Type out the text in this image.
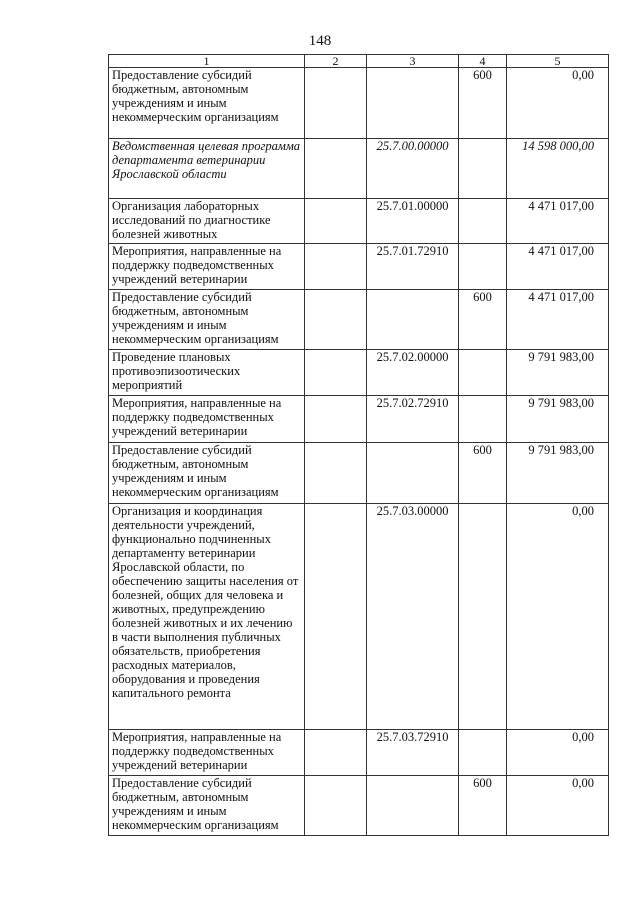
148
1	2	3	4	5
Предоставление субсидий бюджетным, автономным учреждениям и иным некоммерческим организациям			600	0,00
Ведомственная целевая программа департамента ветеринарии Ярославской области		25.7.00.00000		14 598 000,00
Организация лабораторных исследований по диагностике болезней животных		25.7.01.00000		4 471 017,00
Мероприятия, направленные на поддержку подведомственных учреждений ветеринарии		25.7.01.72910		4 471 017,00
Предоставление субсидий бюджетным, автономным учреждениям и иным некоммерческим организациям			600	4 471 017,00
Проведение плановых противоэпизоотических мероприятий		25.7.02.00000		9 791 983,00
Мероприятия, направленные на поддержку подведомственных учреждений ветеринарии		25.7.02.72910		9 791 983,00
Предоставление субсидий бюджетным, автономным учреждениям и иным некоммерческим организациям			600	9 791 983,00
Организация и координация деятельности учреждений, функционально подчиненных департаменту ветеринарии Ярославской области, по обеспечению защиты населения от болезней, общих для человека и животных, предупреждению болезней животных и их лечению в части выполнения публичных обязательств, приобретения расходных материалов, оборудования и проведения капитального ремонта		25.7.03.00000		0,00
Мероприятия, направленные на поддержку подведомственных учреждений ветеринарии		25.7.03.72910		0,00
Предоставление субсидий бюджетным, автономным учреждениям и иным некоммерческим организациям			600	0,00
